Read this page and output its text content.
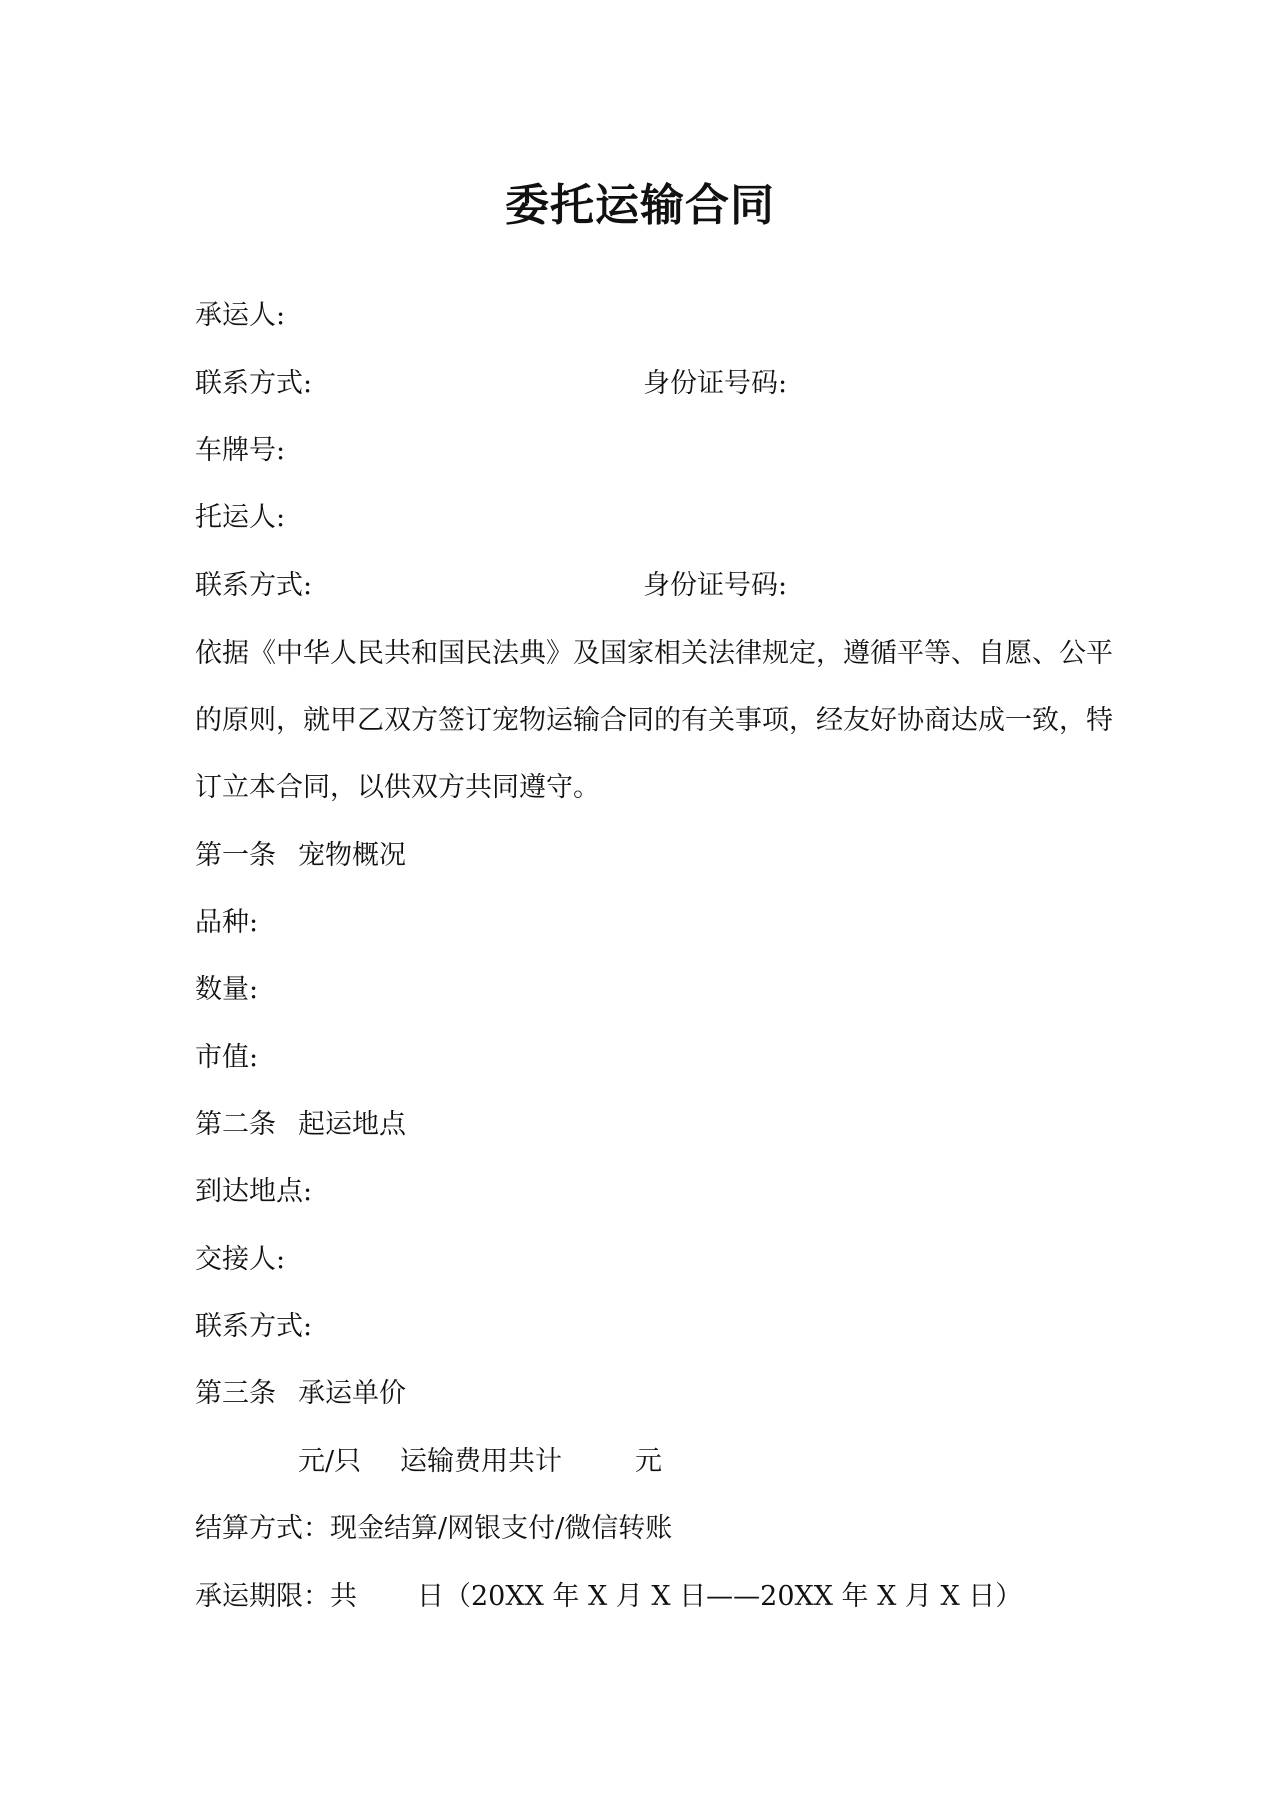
委托运输合同
承运人:
联系方式:	身份证号码:
车牌号:
托运人:
联系方式:	身份证号码:
依据《中华人民共和国民法典》及国家相关法律规定，遵循平等、自愿、公平
的原则，就甲乙双方签订宠物运输合同的有关事项，经友好协商达成一致，特
订立本合同，以供双方共同遵守。
第一条 宠物概况
品种:
数量:
市值:
第二条 起运地点
到达地点:
交接人:
联系方式:
第三条 承运单价
元/只 运输费用共计	元
结算方式：现金结算/网银支付/微信转账
承运期限：共 日（20XX 年 X 月 X 日——20XX 年 X 月 X 日）
